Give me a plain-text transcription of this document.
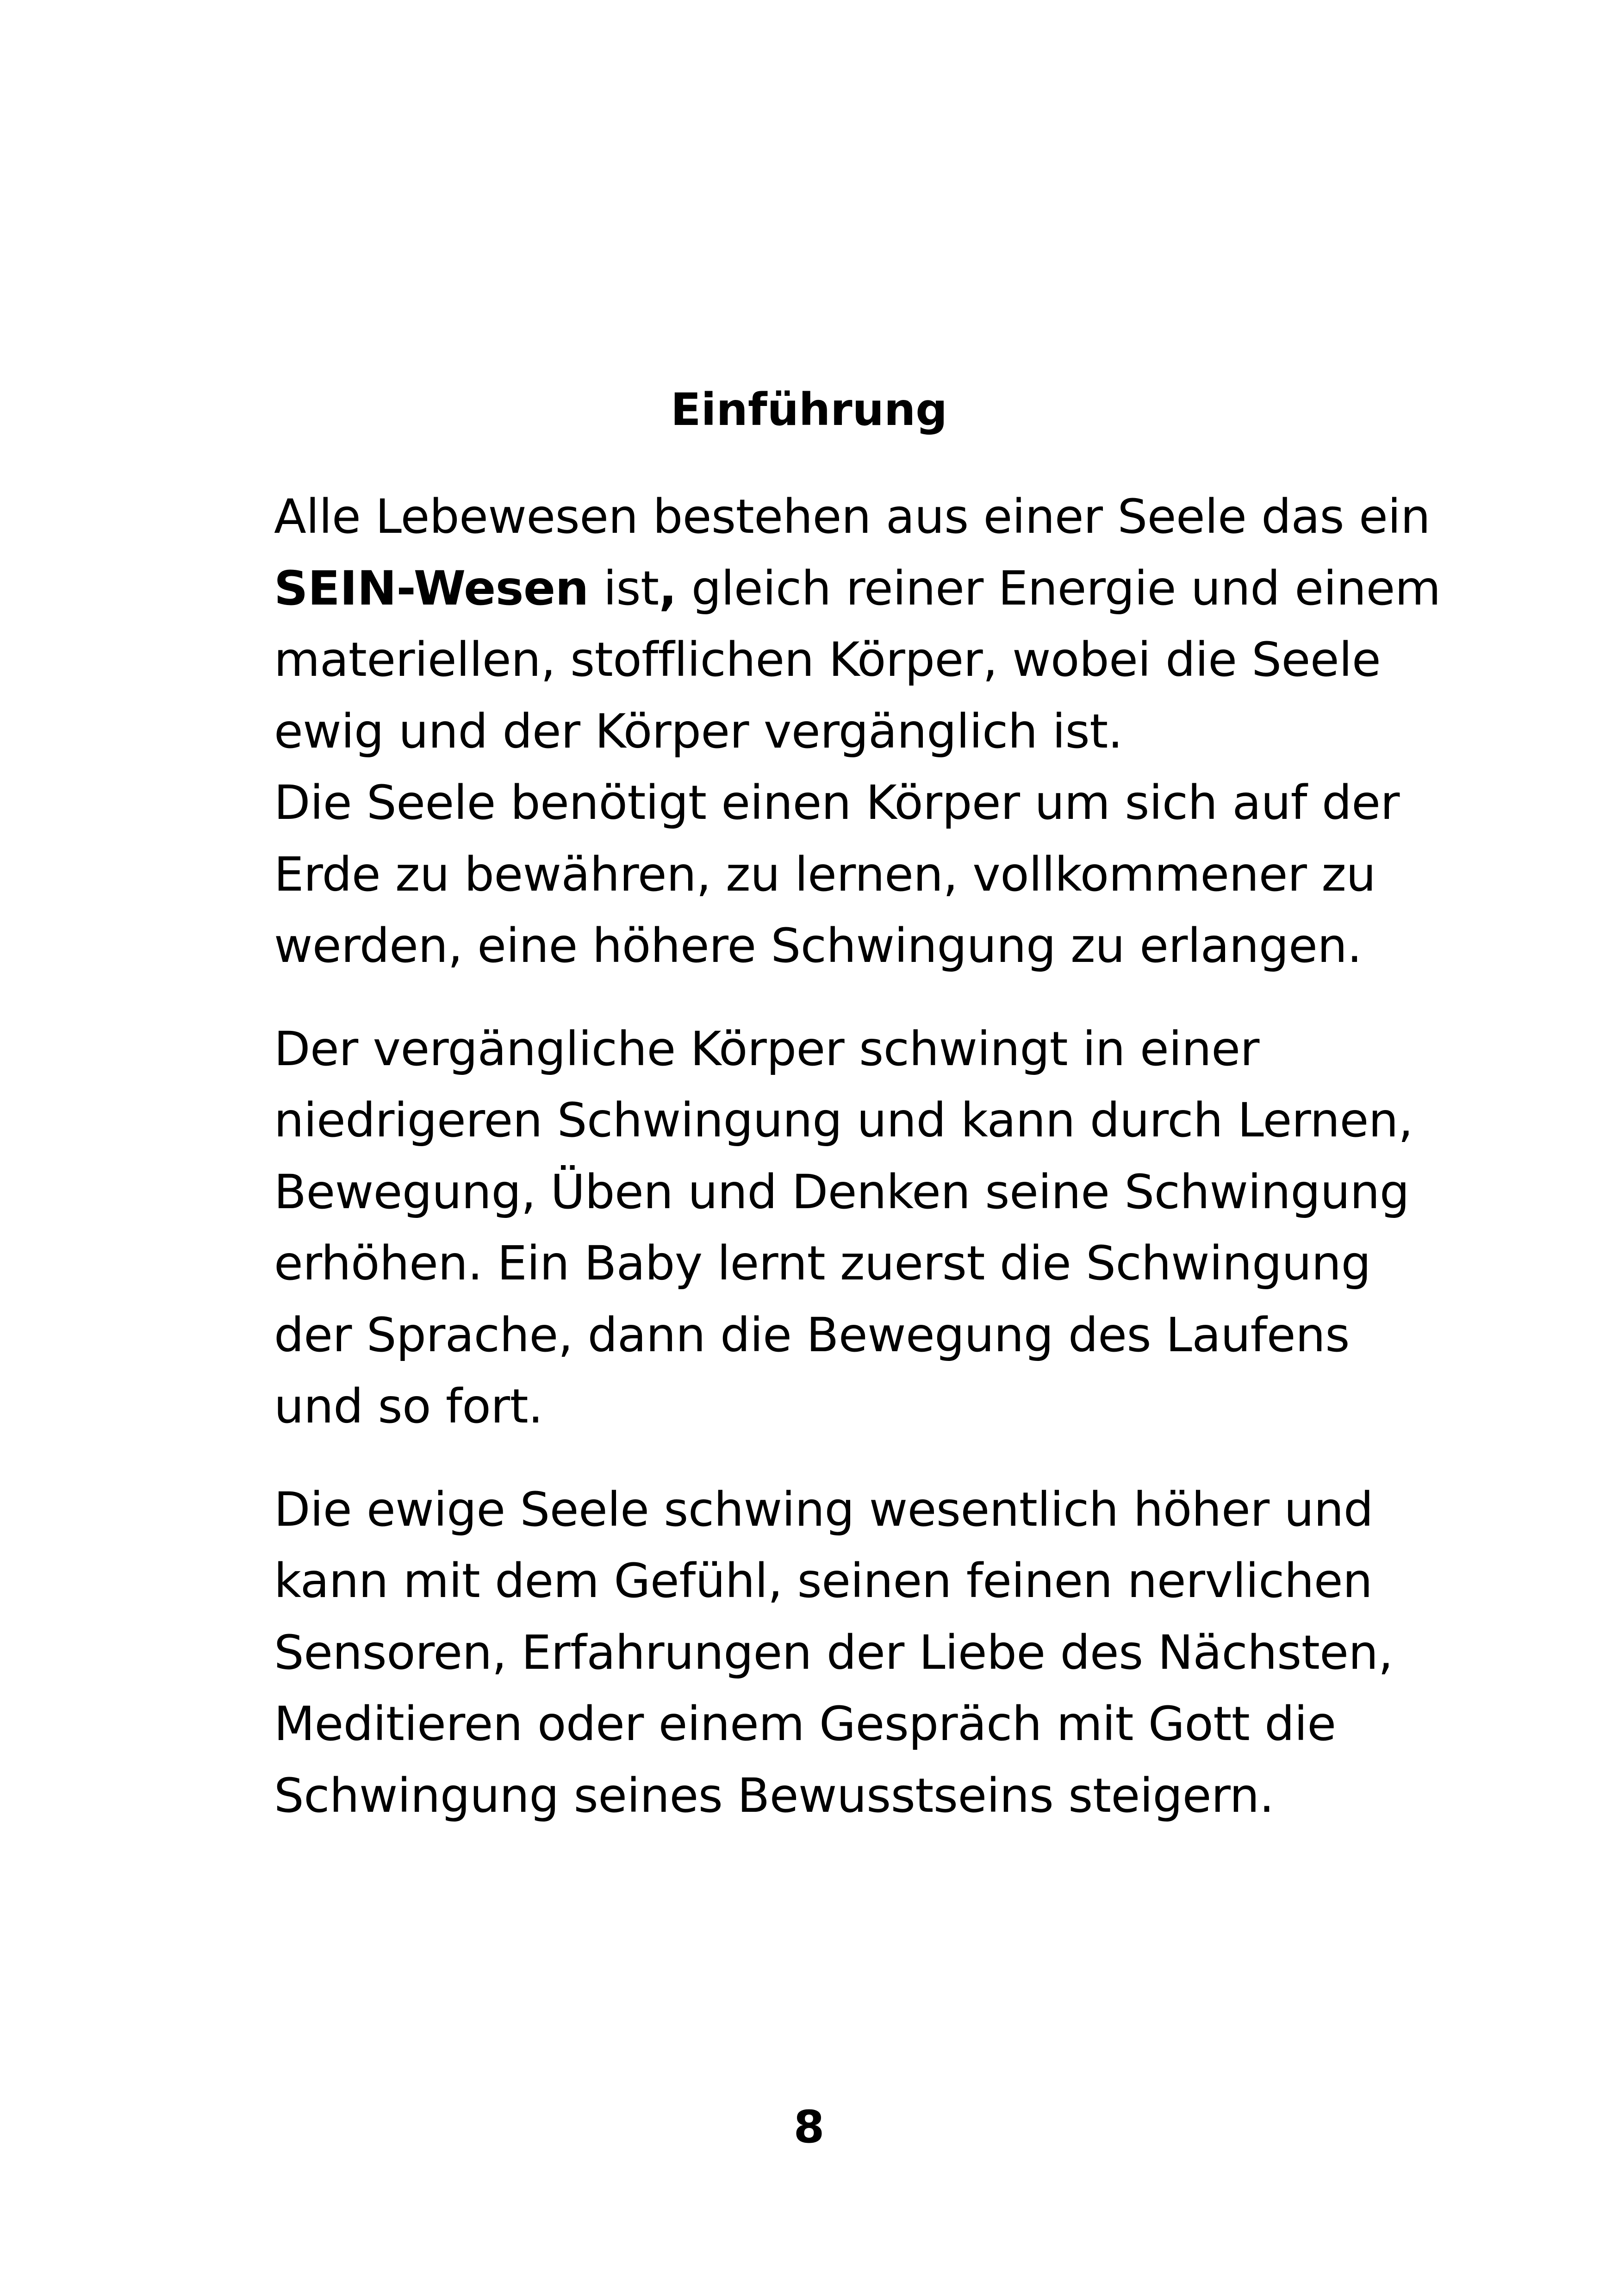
Einführung

Alle Lebewesen bestehen aus einer Seele das ein
SEIN-Wesen ist, gleich reiner Energie und einem
materiellen, stofflichen Körper, wobei die Seele
ewig und der Körper vergänglich ist.
Die Seele benötigt einen Körper um sich auf der
Erde zu bewähren, zu lernen, vollkommener zu
werden, eine höhere Schwingung zu erlangen.

Der vergängliche Körper schwingt in einer
niedrigeren Schwingung und kann durch Lernen,
Bewegung, Üben und Denken seine Schwingung
erhöhen. Ein Baby lernt zuerst die Schwingung
der Sprache, dann die Bewegung des Laufens
und so fort.

Die ewige Seele schwing wesentlich höher und
kann mit dem Gefühl, seinen feinen nervlichen
Sensoren, Erfahrungen der Liebe des Nächsten,
Meditieren oder einem Gespräch mit Gott die
Schwingung seines Bewusstseins steigern.

8
